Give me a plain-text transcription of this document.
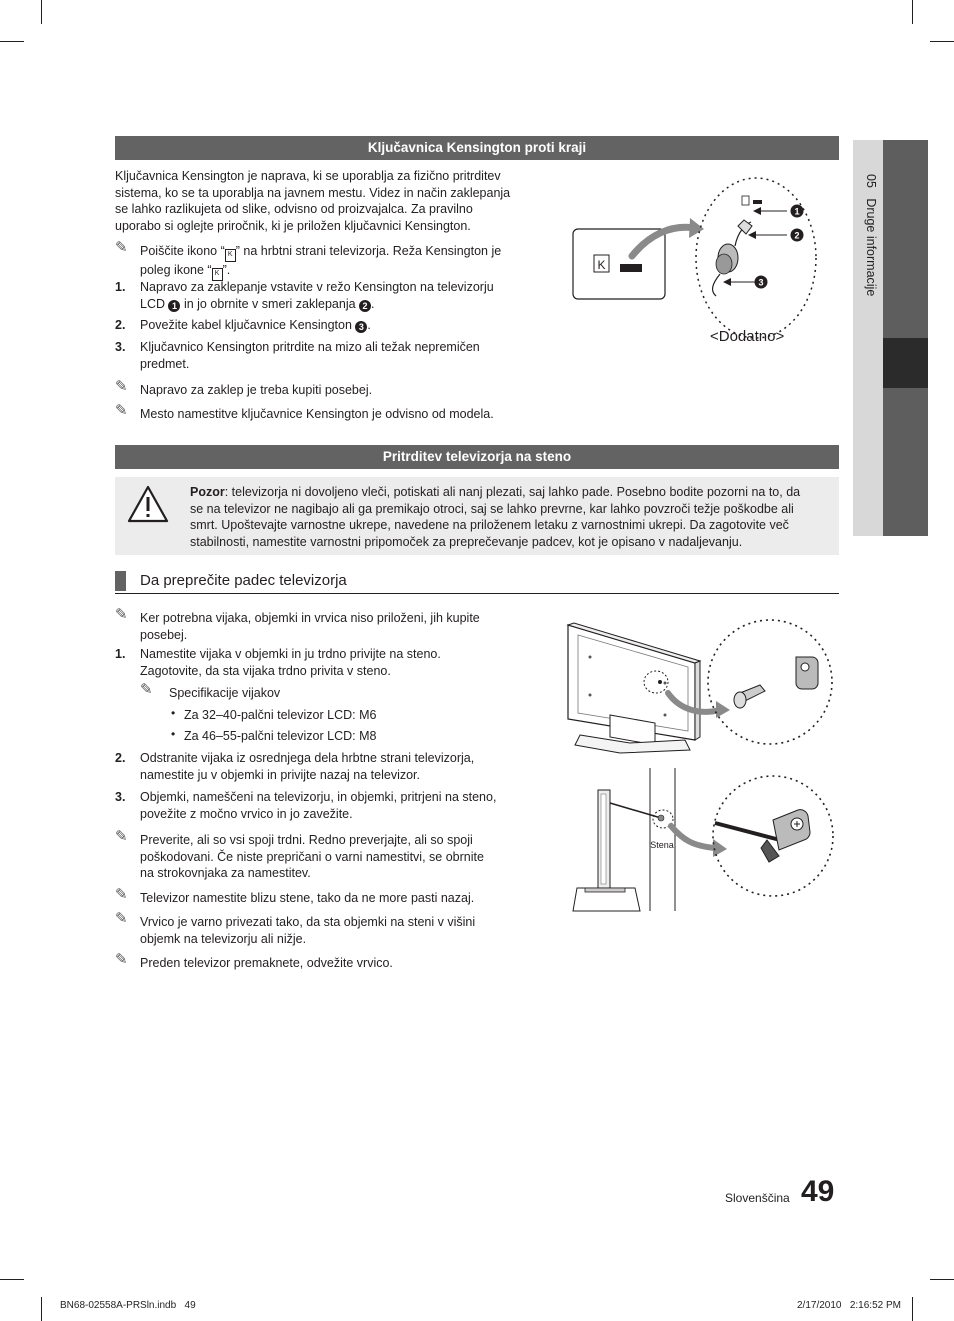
05   Druge informacije
Ključavnica Kensington proti kraji
Ključavnica Kensington je naprava, ki se uporablja za fizično pritrditev
sistema, ko se ta uporablja na javnem mestu. Videz in način zaklepanja
se lahko razlikujeta od slike, odvisno od proizvajalca. Za pravilno
uporabo si oglejte priročnik, ki je priložen ključavnici Kensington.
✎ Poiščite ikono “ K ” na hrbtni strani televizorja. Reža Kensington je
poleg ikone “ K ”.
1. Napravo za zaklepanje vstavite v režo Kensington na televizorju
LCD 1 in jo obrnite v smeri zaklepanja 2 .
2. Povežite kabel ključavnice Kensington 3 .
3. Ključavnico Kensington pritrdite na mizo ali težak nepremičen
predmet.
✎ Napravo za zaklep je treba kupiti posebej.
✎ Mesto namestitve ključavnice Kensington je odvisno od modela.
K
1
2
3
<Dodatno>
Pritrditev televizorja na steno
Pozor: televizorja ni dovoljeno vleči, potiskati ali nanj plezati, saj lahko pade. Posebno bodite pozorni na to, da
se na televizor ne nagibajo ali ga premikajo otroci, saj se lahko prevrne, kar lahko povzroči težje poškodbe ali
smrt. Upoštevajte varnostne ukrepe, navedene na priloženem letaku z varnostnimi ukrepi. Da zagotovite več
stabilnosti, namestite varnostni pripomoček za preprečevanje padcev, kot je opisano v nadaljevanju.
Da preprečite padec televizorja
✎ Ker potrebna vijaka, objemki in vrvica niso priloženi, jih kupite
posebej.
1. Namestite vijaka v objemki in ju trdno privijte na steno.
Zagotovite, da sta vijaka trdno privita v steno.
✎ Specifikacije vijakov
• Za 32–40-palčni televizor LCD: M6
• Za 46–55-palčni televizor LCD: M8
2. Odstranite vijaka iz osrednjega dela hrbtne strani televizorja,
namestite ju v objemki in privijte nazaj na televizor.
3. Objemki, nameščeni na televizorju, in objemki, pritrjeni na steno,
povežite z močno vrvico in jo zavežite.
✎ Preverite, ali so vsi spoji trdni. Redno preverjajte, ali so spoji
poškodovani. Če niste prepričani o varni namestitvi, se obrnite
na strokovnjaka za namestitev.
✎ Televizor namestite blizu stene, tako da ne more pasti nazaj.
✎ Vrvico je varno privezati tako, da sta objemki na steni v višini
objemk na televizorju ali nižje.
✎ Preden televizor premaknete, odvežite vrvico.
Stena
Slovenščina 49
BN68-02558A-PRSln.indb   49	2/17/2010   2:16:52 PM
